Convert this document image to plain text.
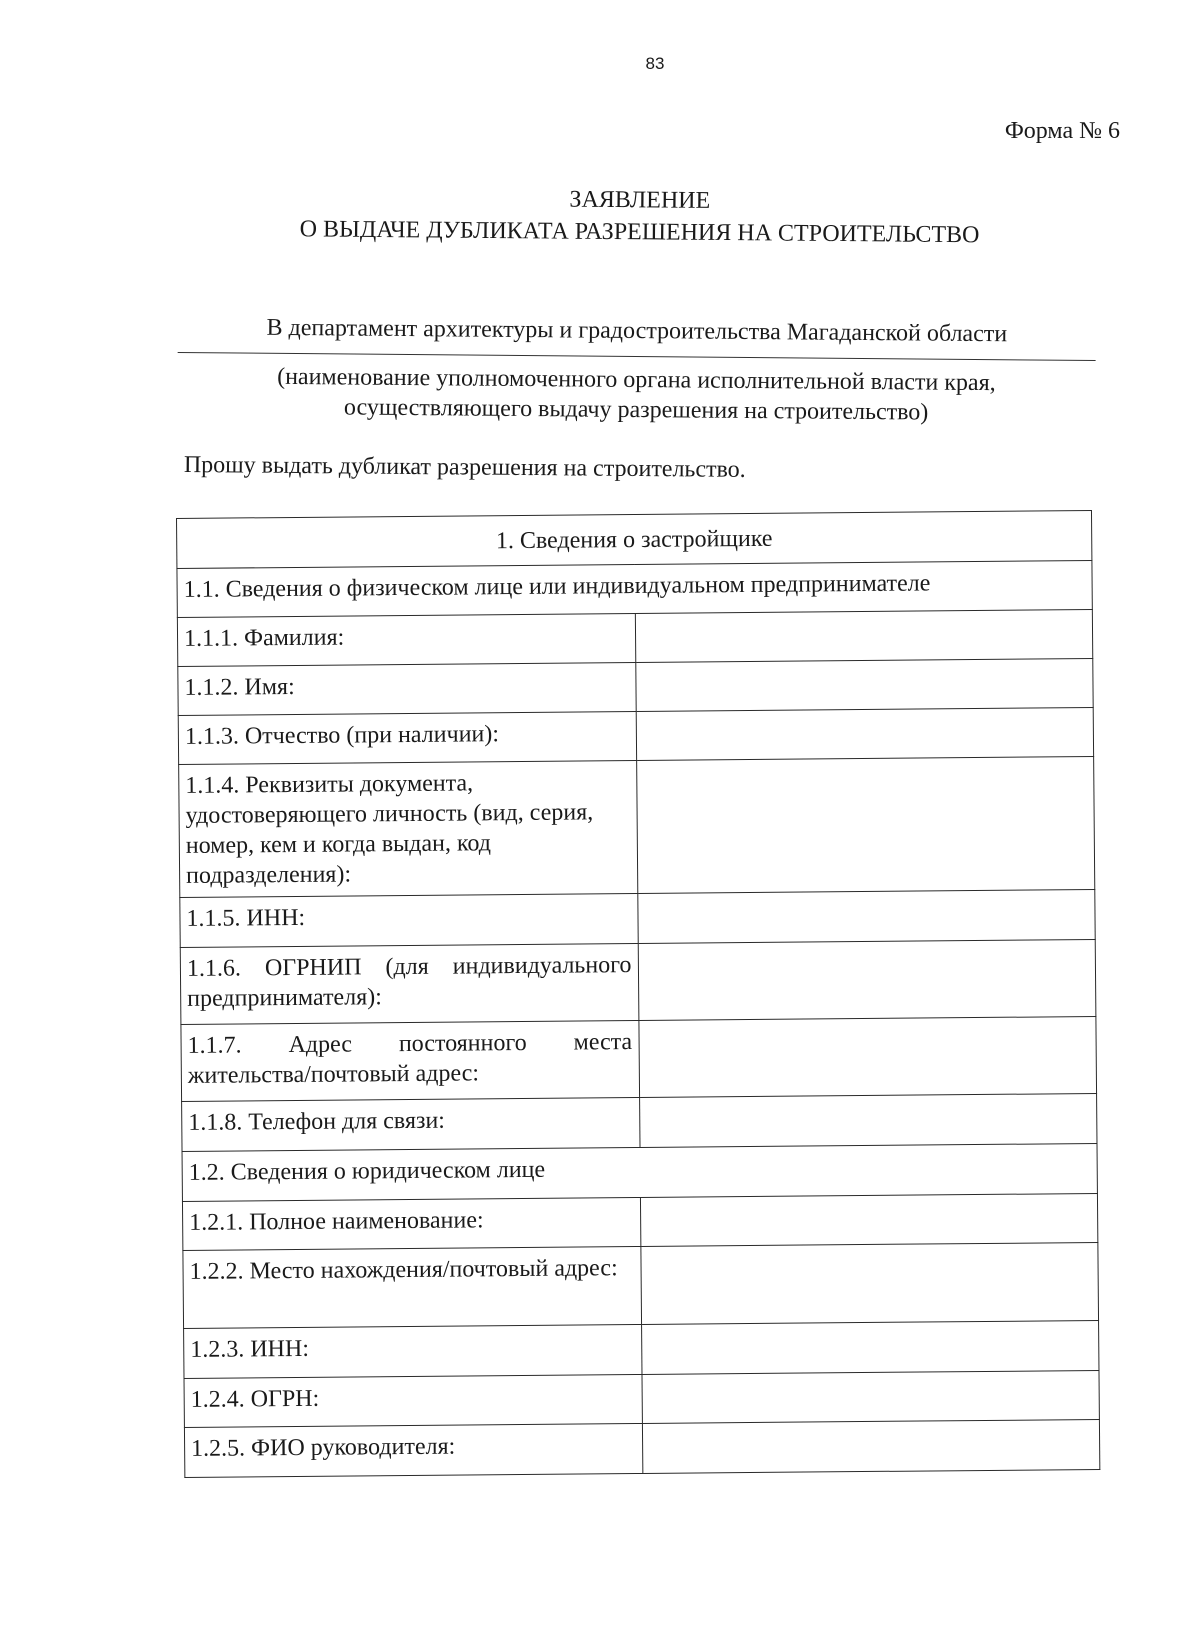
83
Форма № 6
ЗАЯВЛЕНИЕ
О ВЫДАЧЕ ДУБЛИКАТА РАЗРЕШЕНИЯ НА СТРОИТЕЛЬСТВО
В департамент архитектуры и градостроительства Магаданской области
(наименование уполномоченного органа исполнительной власти края,
осуществляющего выдачу разрешения на строительство)
Прошу выдать дубликат разрешения на строительство.
1. Сведения о застройщике	
1.1. Сведения о физическом лице или индивидуальном предпринимателе	
1.1.1. Фамилия:	
1.1.2. Имя:	
1.1.3. Отчество (при наличии):	
1.1.4. Реквизиты документа, удостоверяющего личность (вид, серия, номер, кем и когда выдан, код подразделения):	
1.1.5. ИНН:	
1.1.6. ОГРНИП (для индивидуального предпринимателя):	
1.1.7. Адрес постоянного места жительства/почтовый адрес:	
1.1.8. Телефон для связи:	
1.2. Сведения о юридическом лице	
1.2.1. Полное наименование:	
1.2.2. Место нахождения/почтовый адрес:	
1.2.3. ИНН:	
1.2.4. ОГРН:	
1.2.5. ФИО руководителя:	
